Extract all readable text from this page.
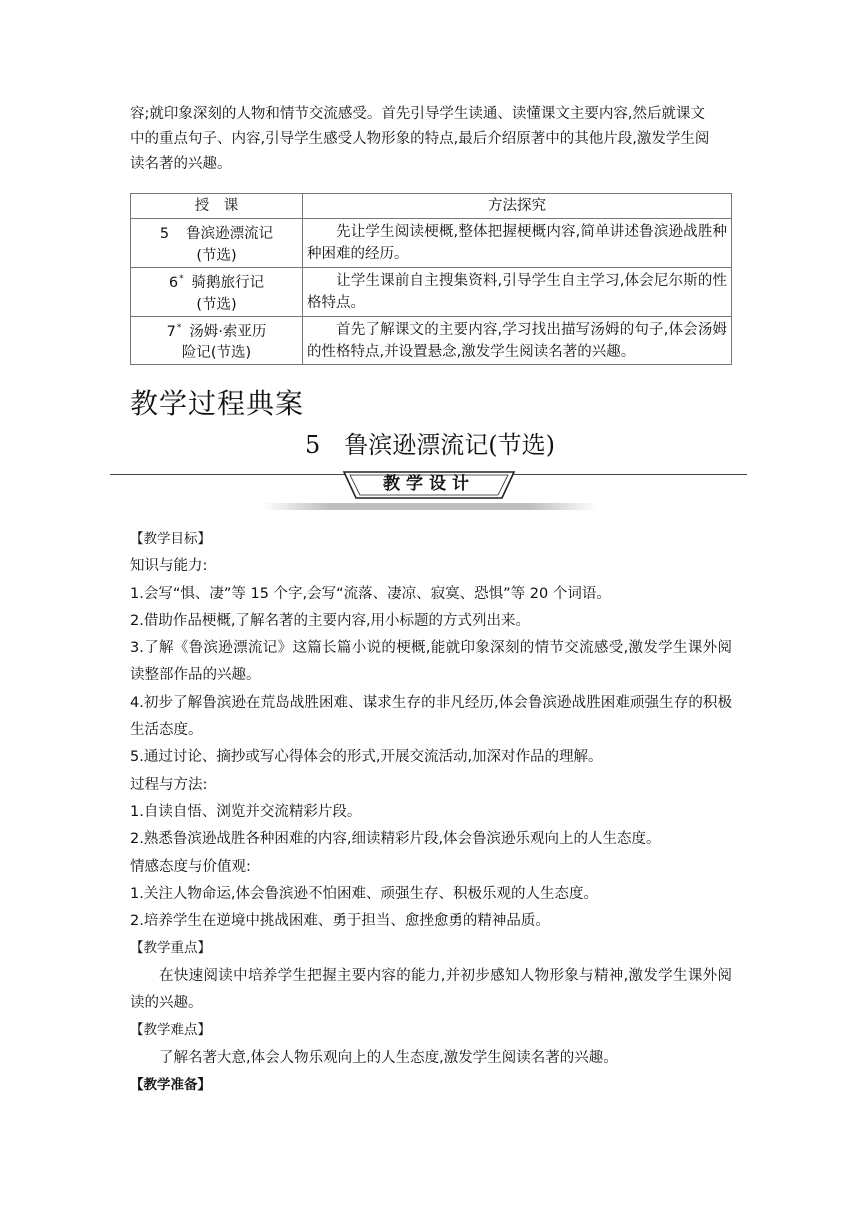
容;就印象深刻的人物和情节交流感受。首先引导学生读通、读懂课文主要内容,然后就课文
中的重点句子、内容,引导学生感受人物形象的特点,最后介绍原著中的其他片段,激发学生阅
读名著的兴趣。
授　课	方法探究

5 鲁滨逊漂流记
(节选)	先让学生阅读梗概,整体把握梗概内容,简单讲述鲁滨逊战胜种种困难的经历。

6* 骑鹅旅行记
(节选)	让学生课前自主搜集资料,引导学生自主学习,体会尼尔斯的性格特点。

7* 汤姆·索亚历
险记(节选)	首先了解课文的主要内容,学习找出描写汤姆的句子,体会汤姆的性格特点,并设置悬念,激发学生阅读名著的兴趣。
教学过程典案
5 鲁滨逊漂流记(节选)
教学设计

【教学目标】

知识与能力:

1.会写“惧、凄”等 15 个字,会写“流落、凄凉、寂寞、恐惧”等 20 个词语。

2.借助作品梗概,了解名著的主要内容,用小标题的方式列出来。

3.了解《鲁滨逊漂流记》这篇长篇小说的梗概,能就印象深刻的情节交流感受,激发学生课外阅读整部作品的兴趣。

4.初步了解鲁滨逊在荒岛战胜困难、谋求生存的非凡经历,体会鲁滨逊战胜困难顽强生存的积极生活态度。

5.通过讨论、摘抄或写心得体会的形式,开展交流活动,加深对作品的理解。

过程与方法:

1.自读自悟、浏览并交流精彩片段。

2.熟悉鲁滨逊战胜各种困难的内容,细读精彩片段,体会鲁滨逊乐观向上的人生态度。

情感态度与价值观:

1.关注人物命运,体会鲁滨逊不怕困难、顽强生存、积极乐观的人生态度。

2.培养学生在逆境中挑战困难、勇于担当、愈挫愈勇的精神品质。

【教学重点】

在快速阅读中培养学生把握主要内容的能力,并初步感知人物形象与精神,激发学生课外阅读的兴趣。

【教学难点】

了解名著大意,体会人物乐观向上的人生态度,激发学生阅读名著的兴趣。

【教学准备】
